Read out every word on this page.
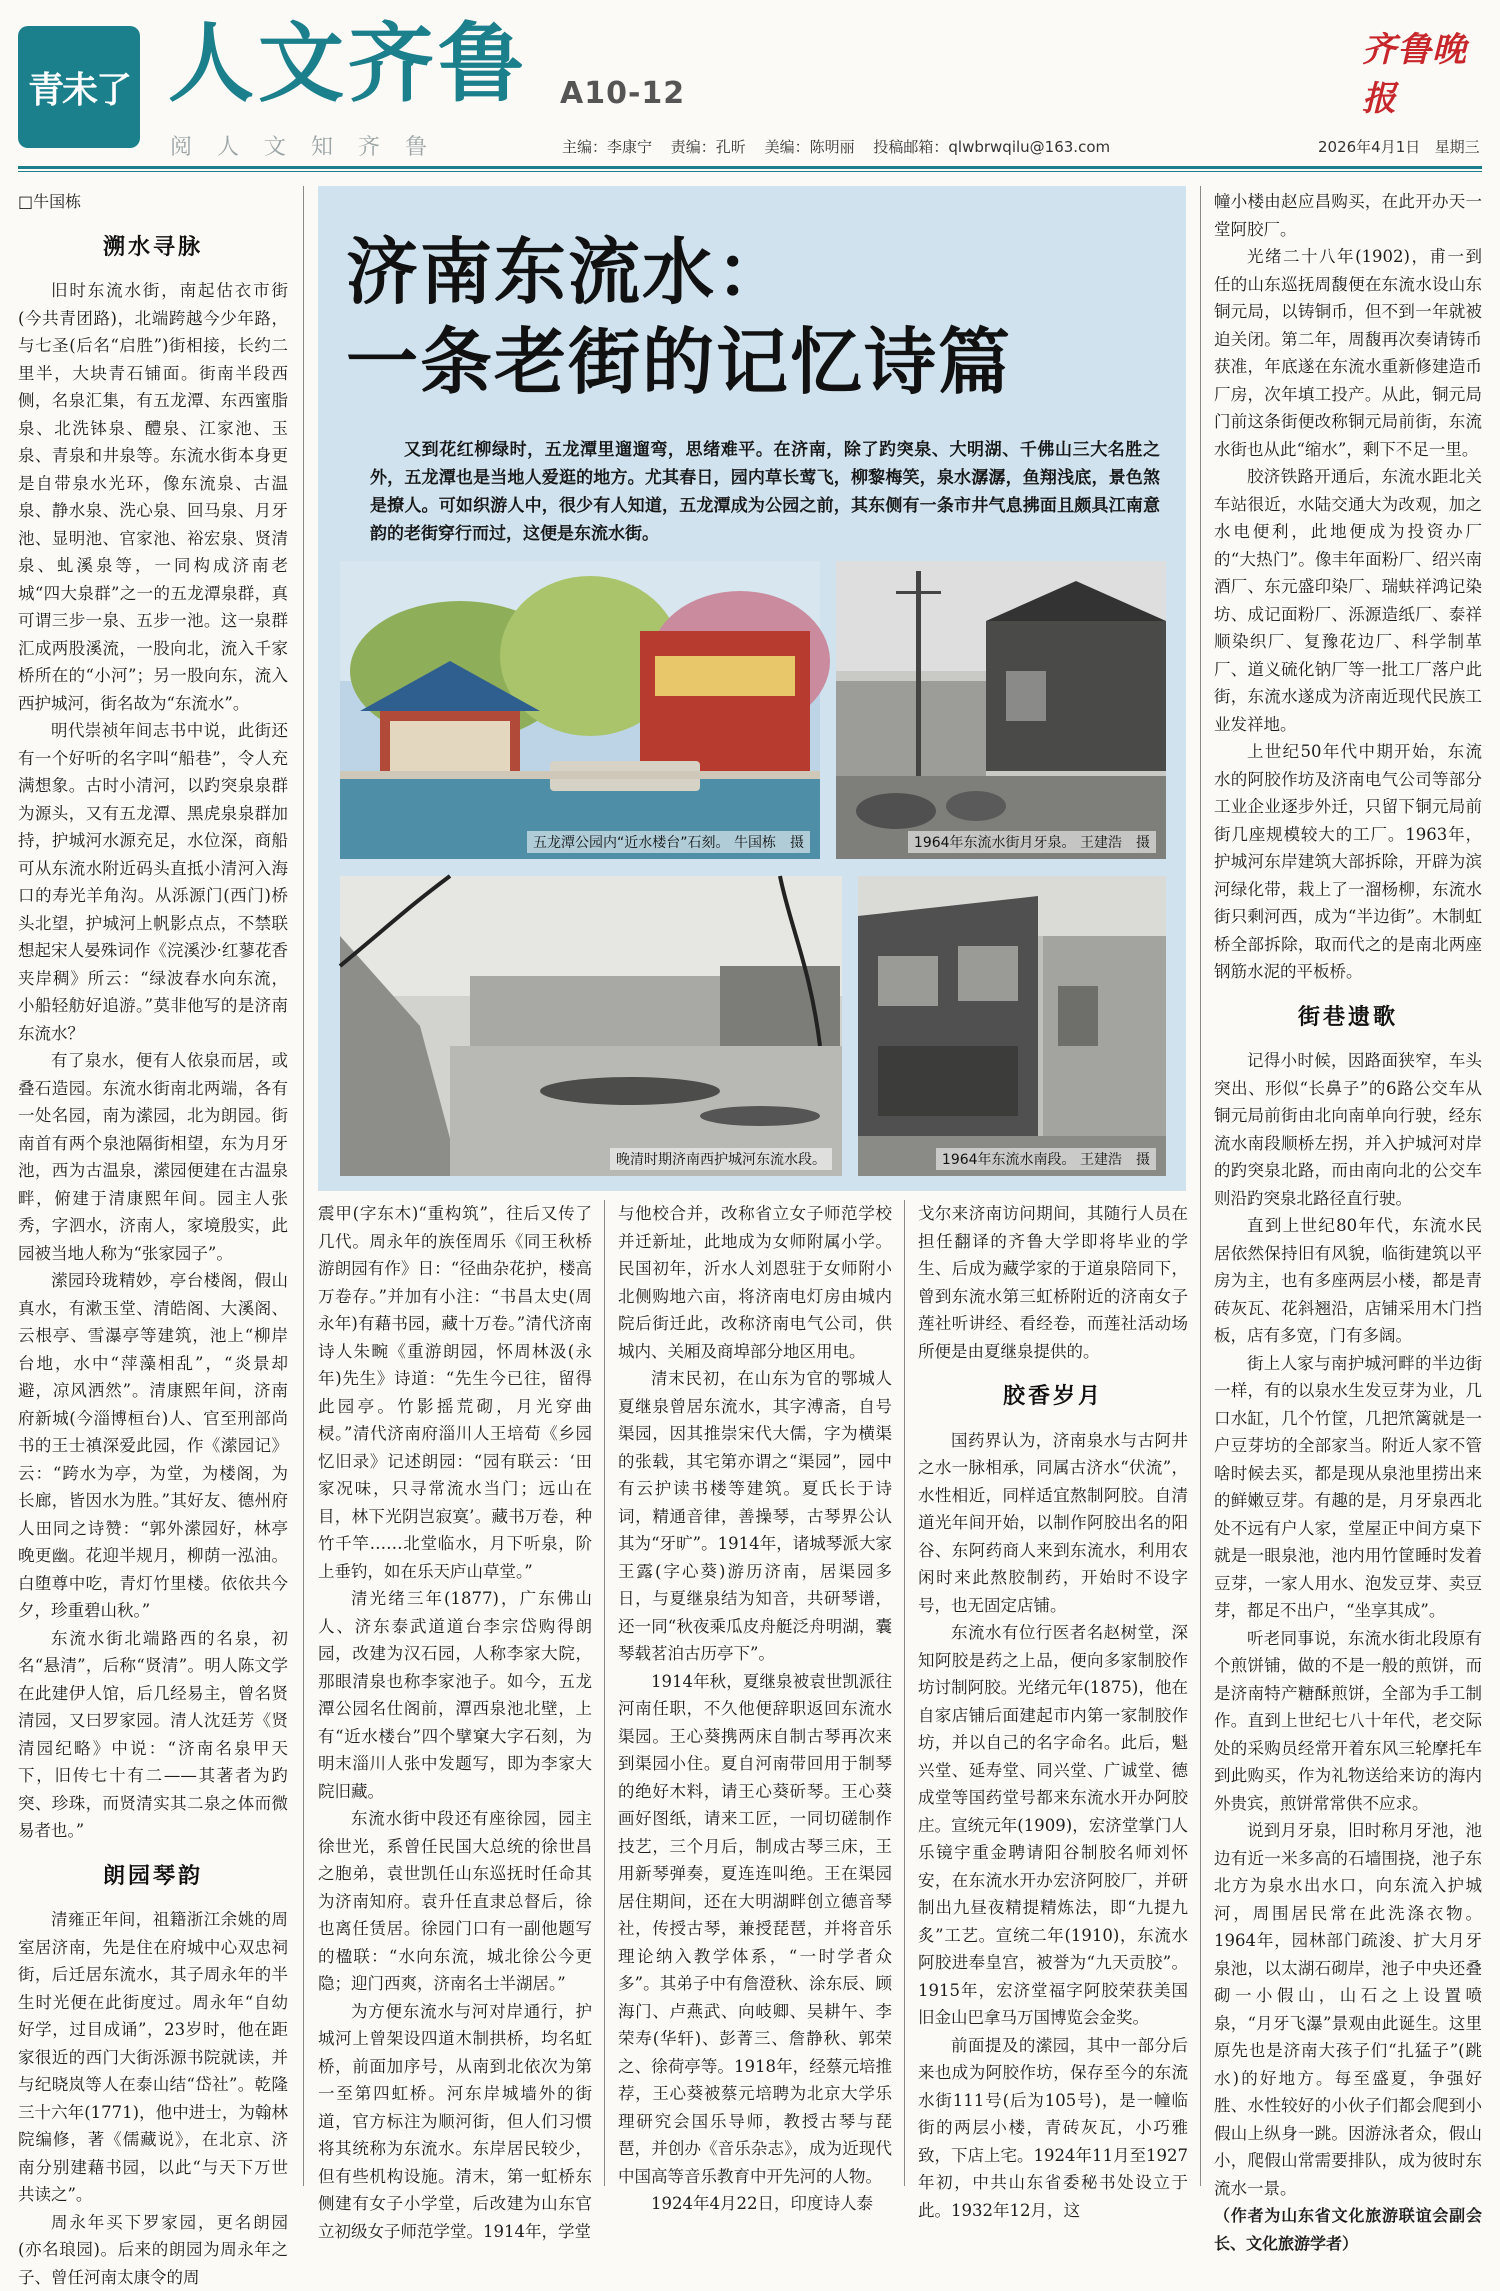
青未了 人文齐鲁 A10-12
阅 人 文 知 齐 鲁
齐鲁晚报
主编：李康宁 责编：孔昕 美编：陈明丽 投稿邮箱：qlwbrwqilu@163.com	2026年4月1日 星期三
济南东流水：
一条老街的记忆诗篇
又到花红柳绿时，五龙潭里遛遛弯，思绪难平。在济南，除了趵突泉、大明湖、千佛山三大名胜之外，五龙潭也是当地人爱逛的地方。尤其春日，园内草长莺飞，柳黎梅笑，泉水潺潺，鱼翔浅底，景色煞是撩人。可如织游人中，很少有人知道，五龙潭成为公园之前，其东侧有一条市井气息拂面且颇具江南意韵的老街穿行而过，这便是东流水街。
五龙潭公园内“近水楼台”石刻。 牛国栋　摄	1964年东流水街月牙泉。 王建浩　摄
晚清时期济南西护城河东流水段。	1964年东流水南段。 王建浩　摄

□牛国栋

溯水寻脉

旧时东流水街，南起估衣市街(今共青团路)，北端跨越今少年路，与七圣(后名“启胜”)街相接，长约二里半，大块青石铺面。街南半段西侧，名泉汇集，有五龙潭、东西蜜脂泉、北洗钵泉、醴泉、江家池、玉泉、青泉和井泉等。东流水街本身更是自带泉水光环，像东流泉、古温泉、静水泉、洗心泉、回马泉、月牙池、显明池、官家池、裕宏泉、贤清泉、虬溪泉等，一同构成济南老城“四大泉群”之一的五龙潭泉群，真可谓三步一泉、五步一池。这一泉群汇成两股溪流，一股向北，流入千家桥所在的“小河”；另一股向东，流入西护城河，街名故为“东流水”。

明代崇祯年间志书中说，此街还有一个好听的名字叫“船巷”，令人充满想象。古时小清河，以趵突泉泉群为源头，又有五龙潭、黑虎泉泉群加持，护城河水源充足，水位深，商船可从东流水附近码头直抵小清河入海口的寿光羊角沟。从泺源门(西门)桥头北望，护城河上帆影点点，不禁联想起宋人晏殊词作《浣溪沙·红蓼花香夹岸稠》所云：“绿波春水向东流，小船轻舫好追游。”莫非他写的是济南东流水？

有了泉水，便有人依泉而居，或叠石造园。东流水街南北两端，各有一处名园，南为潆园，北为朗园。街南首有两个泉池隔街相望，东为月牙池，西为古温泉，潆园便建在古温泉畔，俯建于清康熙年间。园主人张秀，字泗水，济南人，家境殷实，此园被当地人称为“张家园子”。

潆园玲珑精妙，亭台楼阁，假山真水，有漱玉堂、清皓阁、大溪阁、云根亭、雪瀑亭等建筑，池上“柳岸台地，水中“萍藻相乱”，“炎景却避，凉风洒然”。清康熙年间，济南府新城(今淄博桓台)人、官至刑部尚书的王士禛深爱此园，作《潆园记》云：“跨水为亭，为堂，为楼阁，为长廊，皆因水为胜。”其好友、德州府人田同之诗赞：“郭外潆园好，林亭晚更幽。花迎半规月，柳荫一泓油。白堕尊中吃，青灯竹里楼。依依共今夕，珍重碧山秋。”

东流水街北端路西的名泉，初名“悬清”，后称“贤清”。明人陈文学在此建伊人馆，后几经易主，曾名贤清园，又曰罗家园。清人沈廷芳《贤清园纪略》中说：“济南名泉甲天下，旧传七十有二——其著者为趵突、珍珠，而贤清实其二泉之体而微易者也。”

朗园琴韵

清雍正年间，祖籍浙江余姚的周室居济南，先是住在府城中心双忠祠街，后迁居东流水，其子周永年的半生时光便在此街度过。周永年“自幼好学，过目成诵”，23岁时，他在距家很近的西门大街泺源书院就读，并与纪晓岚等人在泰山结“岱社”。乾隆三十六年(1771)，他中进士，为翰林院编修，著《儒藏说》，在北京、济南分别建藉书园，以此“与天下万世共读之”。

周永年买下罗家园，更名朗园(亦名琅园)。后来的朗园为周永年之子、曾任河南太康令的周

震甲(字东木)“重构筑”，往后又传了几代。周永年的族侄周乐《同王秋桥游朗园有作》日：“径曲杂花护，楼高万卷存。”并加有小注：“书昌太史(周永年)有藉书园，藏十万卷。”清代济南诗人朱畹《重游朗园，怀周林汲(永年)先生》诗道：“先生今已往，留得此园亭。竹影摇荒砌，月光穿曲棂。”清代济南府淄川人王培荀《乡园忆旧录》记述朗园：“园有联云：‘田家况味，只寻常流水当门；远山在目，林下光阴岂寂寞’。藏书万卷，种竹千竿……北堂临水，月下听泉，阶上垂钓，如在乐天庐山草堂。”

清光绪三年(1877)，广东佛山人、济东泰武道道台李宗岱购得朗园，改建为汉石园，人称李家大院，那眼清泉也称李家池子。如今，五龙潭公园名仕阁前，潭西泉池北壁，上有“近水楼台”四个擘窠大字石刻，为明末淄川人张中发题写，即为李家大院旧藏。

东流水街中段还有座徐园，园主徐世光，系曾任民国大总统的徐世昌之胞弟，袁世凯任山东巡抚时任命其为济南知府。袁升任直隶总督后，徐也离任赁居。徐园门口有一副他题写的楹联：“水向东流，城北徐公今更隐；迎门西爽，济南名士半湖居。”

为方便东流水与河对岸通行，护城河上曾架设四道木制拱桥，均名虹桥，前面加序号，从南到北依次为第一至第四虹桥。河东岸城墙外的街道，官方标注为顺河街，但人们习惯将其统称为东流水。东岸居民较少，但有些机构设施。清末，第一虹桥东侧建有女子小学堂，后改建为山东官立初级女子师范学堂。1914年，学堂

与他校合并，改称省立女子师范学校并迁新址，此地成为女师附属小学。民国初年，沂水人刘恩驻于女师附小北侧购地六亩，将济南电灯房由城内院后街迁此，改称济南电气公司，供城内、关厢及商埠部分地区用电。

清末民初，在山东为官的鄂城人夏继泉曾居东流水，其字溥斋，自号渠园，因其推崇宋代大儒，字为横渠的张载，其宅第亦谓之“渠园”，园中有云护读书楼等建筑。夏氏长于诗词，精通音律，善操琴，古琴界公认其为“牙旷”。1914年，诸城琴派大家王露(字心葵)游历济南，居渠园多日，与夏继泉结为知音，共研琴谱，还一同“秋夜乘瓜皮舟艇泛舟明湖，囊琴载茗泊古历亭下”。

1914年秋，夏继泉被袁世凯派往河南任职，不久他便辞职返回东流水渠园。王心葵携两床自制古琴再次来到渠园小住。夏自河南带回用于制琴的绝好木料，请王心葵斫琴。王心葵画好图纸，请来工匠，一同切磋制作技艺，三个月后，制成古琴三床，王用新琴弹奏，夏连连叫绝。王在渠园居住期间，还在大明湖畔创立德音琴社，传授古琴，兼授琵琶，并将音乐理论纳入教学体系，“一时学者众多”。其弟子中有詹澄秋、涂东辰、顾海门、卢燕武、向岐卿、吴耕午、李荣寿(华轩)、彭菁三、詹静秋、郭荣之、徐荷亭等。1918年，经蔡元培推荐，王心葵被蔡元培聘为北京大学乐理研究会国乐导师，教授古琴与琵琶，并创办《音乐杂志》，成为近现代中国高等音乐教育中开先河的人物。

1924年4月22日，印度诗人泰

戈尔来济南访问期间，其随行人员在担任翻译的齐鲁大学即将毕业的学生、后成为藏学家的于道泉陪同下，曾到东流水第三虹桥附近的济南女子莲社听讲经、看经卷，而莲社活动场所便是由夏继泉提供的。

胶香岁月

国药界认为，济南泉水与古阿井之水一脉相承，同属古济水“伏流”，水性相近，同样适宜熬制阿胶。自清道光年间开始，以制作阿胶出名的阳谷、东阿药商人来到东流水，利用农闲时来此熬胶制药，开始时不设字号，也无固定店铺。

东流水有位行医者名赵树堂，深知阿胶是药之上品，便向多家制胶作坊讨制阿胶。光绪元年(1875)，他在自家店铺后面建起市内第一家制胶作坊，并以自己的名字命名。此后，魁兴堂、延寿堂、同兴堂、广诚堂、德成堂等国药堂号都来东流水开办阿胶庄。宣统元年(1909)，宏济堂掌门人乐镜宇重金聘请阳谷制胶名师刘怀安，在东流水开办宏济阿胶厂，并研制出九昼夜精提精炼法，即“九提九炙”工艺。宣统二年(1910)，东流水阿胶进奉皇宫，被誉为“九天贡胶”。1915年，宏济堂福字阿胶荣获美国旧金山巴拿马万国博览会金奖。

前面提及的潆园，其中一部分后来也成为阿胶作坊，保存至今的东流水街111号(后为105号)，是一幢临街的两层小楼，青砖灰瓦，小巧雅致，下店上宅。1924年11月至1927年初，中共山东省委秘书处设立于此。1932年12月，这

幢小楼由赵应昌购买，在此开办天一堂阿胶厂。

光绪二十八年(1902)，甫一到任的山东巡抚周馥便在东流水设山东铜元局，以铸铜币，但不到一年就被迫关闭。第二年，周馥再次奏请铸币获准，年底遂在东流水重新修建造币厂房，次年填工投产。从此，铜元局门前这条街便改称铜元局前街，东流水街也从此“缩水”，剩下不足一里。

胶济铁路开通后，东流水距北关车站很近，水陆交通大为改观，加之水电便利，此地便成为投资办厂的“大热门”。像丰年面粉厂、绍兴南酒厂、东元盛印染厂、瑞蚨祥鸿记染坊、成记面粉厂、泺源造纸厂、泰祥顺染织厂、复豫花边厂、科学制革厂、道义硫化钠厂等一批工厂落户此街，东流水遂成为济南近现代民族工业发祥地。

上世纪50年代中期开始，东流水的阿胶作坊及济南电气公司等部分工业企业逐步外迁，只留下铜元局前街几座规模较大的工厂。1963年，护城河东岸建筑大部拆除，开辟为滨河绿化带，栽上了一溜杨柳，东流水街只剩河西，成为“半边街”。木制虹桥全部拆除，取而代之的是南北两座钢筋水泥的平板桥。

街巷遗歌

记得小时候，因路面狭窄，车头突出、形似“长鼻子”的6路公交车从铜元局前街由北向南单向行驶，经东流水南段顺桥左拐，并入护城河对岸的趵突泉北路，而由南向北的公交车则沿趵突泉北路径直行驶。

直到上世纪80年代，东流水民居依然保持旧有风貌，临街建筑以平房为主，也有多座两层小楼，都是青砖灰瓦、花斜翘沿，店铺采用木门挡板，店有多宽，门有多阔。

街上人家与南护城河畔的半边街一样，有的以泉水生发豆芽为业，几口水缸，几个竹筐，几把笊篱就是一户豆芽坊的全部家当。附近人家不管啥时候去买，都是现从泉池里捞出来的鲜嫩豆芽。有趣的是，月牙泉西北处不远有户人家，堂屋正中间方桌下就是一眼泉池，池内用竹筐睡时发着豆芽，一家人用水、泡发豆芽、卖豆芽，都足不出户，“坐享其成”。

听老同事说，东流水街北段原有个煎饼铺，做的不是一般的煎饼，而是济南特产糖酥煎饼，全部为手工制作。直到上世纪七八十年代，老交际处的采购员经常开着东风三轮摩托车到此购买，作为礼物送给来访的海内外贵宾，煎饼常常供不应求。

说到月牙泉，旧时称月牙池，池边有近一米多高的石墙围挠，池子东北方为泉水出水口，向东流入护城河，周围居民常在此洗涤衣物。1964年，园林部门疏浚、扩大月牙泉池，以太湖石砌岸，池子中央还叠砌一小假山，山石之上设置喷泉，“月牙飞瀑”景观由此诞生。这里原先也是济南大孩子们“扎猛子”(跳水)的好地方。每至盛夏，争强好胜、水性较好的小伙子们都会爬到小假山上纵身一跳。因游泳者众，假山小，爬假山常需要排队，成为彼时东流水一景。

（作者为山东省文化旅游联谊会副会长、文化旅游学者）
